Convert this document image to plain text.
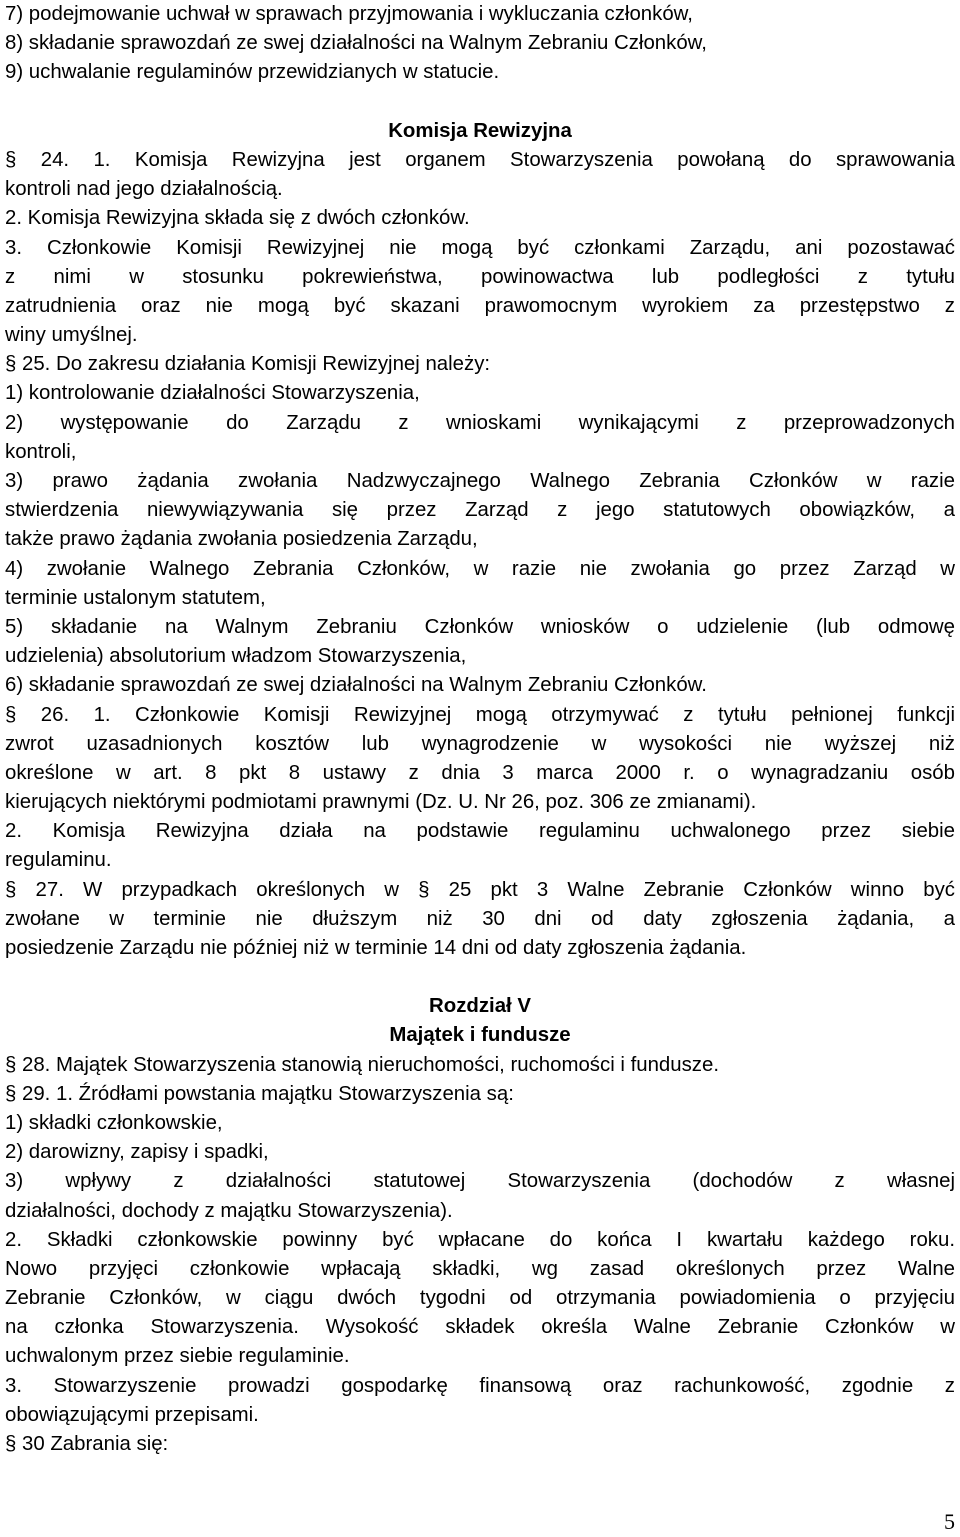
7) podejmowanie uchwał w sprawach przyjmowania i wykluczania członków,
8) składanie sprawozdań ze swej działalności na Walnym Zebraniu Członków,
9) uchwalanie regulaminów przewidzianych w statucie.
Komisja Rewizyjna
§ 24. 1. Komisja Rewizyjna jest organem Stowarzyszenia powołaną do sprawowania
kontroli nad jego działalnością.
2. Komisja Rewizyjna składa się z dwóch członków.
3. Członkowie Komisji Rewizyjnej nie mogą być członkami Zarządu, ani pozostawać
z nimi w stosunku pokrewieństwa, powinowactwa lub podległości z tytułu
zatrudnienia oraz nie mogą być skazani prawomocnym wyrokiem za przestępstwo z
winy umyślnej.
§ 25. Do zakresu działania Komisji Rewizyjnej należy:
1) kontrolowanie działalności Stowarzyszenia,
2) występowanie do Zarządu z wnioskami wynikającymi z przeprowadzonych
kontroli,
3) prawo żądania zwołania Nadzwyczajnego Walnego Zebrania Członków w razie
stwierdzenia niewywiązywania się przez Zarząd z jego statutowych obowiązków, a
także prawo żądania zwołania posiedzenia Zarządu,
4) zwołanie Walnego Zebrania Członków, w razie nie zwołania go przez Zarząd w
terminie ustalonym statutem,
5) składanie na Walnym Zebraniu Członków wniosków o udzielenie (lub odmowę
udzielenia) absolutorium władzom Stowarzyszenia,
6) składanie sprawozdań ze swej działalności na Walnym Zebraniu Członków.
§ 26. 1. Członkowie Komisji Rewizyjnej mogą otrzymywać z tytułu pełnionej funkcji
zwrot uzasadnionych kosztów lub wynagrodzenie w wysokości nie wyższej niż
określone w art. 8 pkt 8 ustawy z dnia 3 marca 2000 r. o wynagradzaniu osób
kierujących niektórymi podmiotami prawnymi (Dz. U. Nr 26, poz. 306 ze zmianami).
2. Komisja Rewizyjna działa na podstawie regulaminu uchwalonego przez siebie
regulaminu.
§ 27. W przypadkach określonych w § 25 pkt 3 Walne Zebranie Członków winno być
zwołane w terminie nie dłuższym niż 30 dni od daty zgłoszenia żądania, a
posiedzenie Zarządu nie później niż w terminie 14 dni od daty zgłoszenia żądania.
Rozdział V
Majątek i fundusze
§ 28. Majątek Stowarzyszenia stanowią nieruchomości, ruchomości i fundusze.
§ 29. 1. Źródłami powstania majątku Stowarzyszenia są:
1) składki członkowskie,
2) darowizny, zapisy i spadki,
3) wpływy z działalności statutowej Stowarzyszenia (dochodów z własnej
działalności, dochody z majątku Stowarzyszenia).
2. Składki członkowskie powinny być wpłacane do końca I kwartału każdego roku.
Nowo przyjęci członkowie wpłacają składki, wg zasad określonych przez Walne
Zebranie Członków, w ciągu dwóch tygodni od otrzymania powiadomienia o przyjęciu
na członka Stowarzyszenia. Wysokość składek określa Walne Zebranie Członków w
uchwalonym przez siebie regulaminie.
3. Stowarzyszenie prowadzi gospodarkę finansową oraz rachunkowość, zgodnie z
obowiązującymi przepisami.
§ 30 Zabrania się:
5
